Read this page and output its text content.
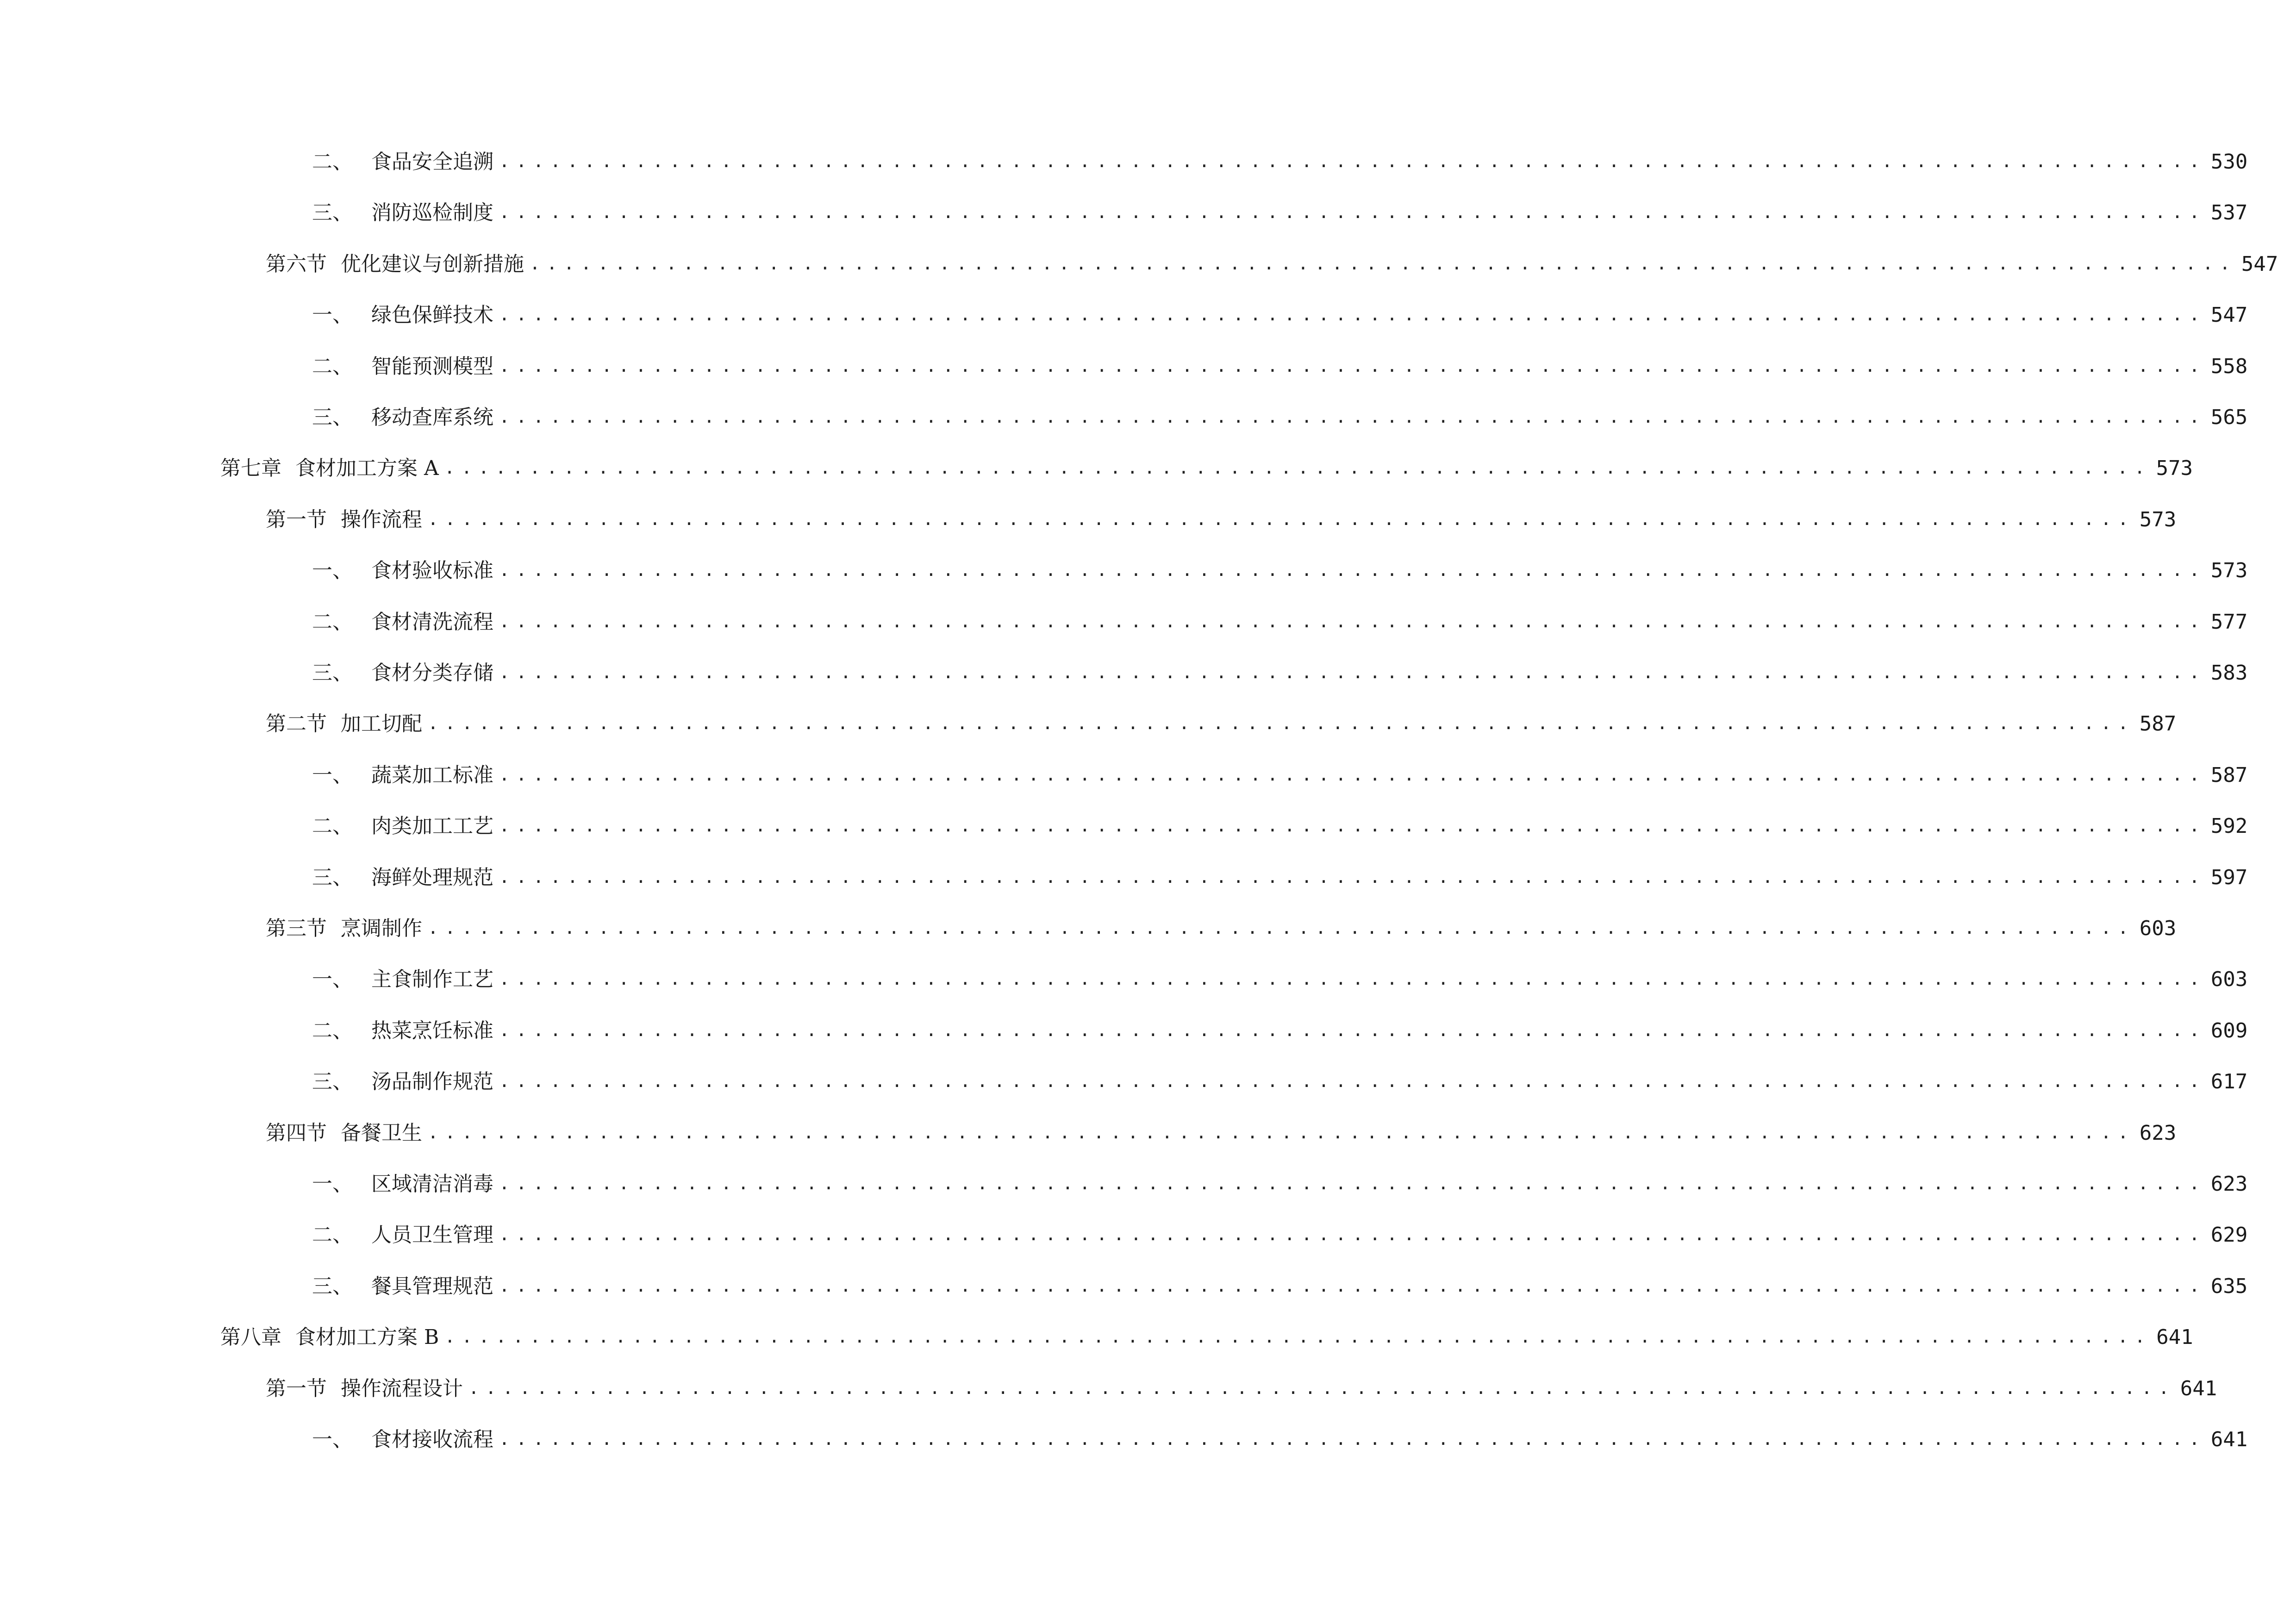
二、 食品安全追溯 .................................................................................................... 530
三、 消防巡检制度 .................................................................................................... 537
第六节 优化建议与创新措施 .................................................................................................... 547
一、 绿色保鲜技术 .................................................................................................... 547
二、 智能预测模型 .................................................................................................... 558
三、 移动查库系统 .................................................................................................... 565
第七章 食材加工方案 A .................................................................................................... 573
第一节 操作流程 .................................................................................................... 573
一、 食材验收标准 .................................................................................................... 573
二、 食材清洗流程 .................................................................................................... 577
三、 食材分类存储 .................................................................................................... 583
第二节 加工切配 .................................................................................................... 587
一、 蔬菜加工标准 .................................................................................................... 587
二、 肉类加工工艺 .................................................................................................... 592
三、 海鲜处理规范 .................................................................................................... 597
第三节 烹调制作 .................................................................................................... 603
一、 主食制作工艺 .................................................................................................... 603
二、 热菜烹饪标准 .................................................................................................... 609
三、 汤品制作规范 .................................................................................................... 617
第四节 备餐卫生 .................................................................................................... 623
一、 区域清洁消毒 .................................................................................................... 623
二、 人员卫生管理 .................................................................................................... 629
三、 餐具管理规范 .................................................................................................... 635
第八章 食材加工方案 B .................................................................................................... 641
第一节 操作流程设计 .................................................................................................... 641
一、 食材接收流程 .................................................................................................... 641
